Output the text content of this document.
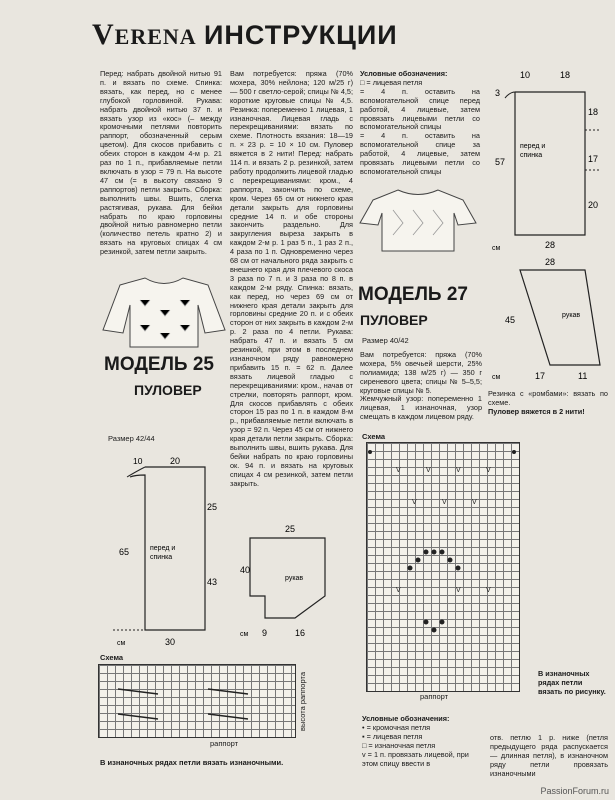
VERENA ИНСТРУКЦИИ
Перед: набрать двойной нитью 91 п. и вязать по схеме. Спинка: вязать, как перед, но с менее глубокой горловиной. Рукава: набрать двойной нитью 37 п. и вязать узор из «кос» (– между кромочными петлями повторить раппорт, обозначенный серым цветом). Для скосов прибавить с обеих сторон в каждом 4-м р. 21 раз по 1 п., прибавляемые петли включать в узор = 79 п. На высоте 47 см (= в высоту связано 9 раппортов) петли закрыть. Сборка: выполнить швы. Вшить, слегка растягивая, рукава. Для бейки набрать по краю горловины двойной нитью равномерно петли (количество петель кратно 2) и вязать на круговых спицах 4 см резинкой, затем петли закрыть.
Вам потребуется: пряжа (70% мохера, 30% нейлона; 120 м/25 г) — 500 г светло-серой; спицы № 4,5; короткие круговые спицы № 4,5. Резинка: попеременно 1 лицевая, 1 изнаночная. Лицевая гладь с перекрещиваниями: вязать по схеме. Плотность вязания: 18—19 п. × 23 р. = 10 × 10 см. Пуловер вяжется в 2 нити! Перед: набрать 114 п. и вязать 2 р. резинкой, затем работу продолжить лицевой гладью с перекрещиваниями: кром., 4 раппорта, закончить по схеме, кром. Через 65 см от нижнего края детали закрыть для горловины средние 14 п. и обе стороны закончить раздельно. Для закругления выреза закрыть в каждом 2-м р. 1 раз 5 п., 1 раз 2 п., 4 раза по 1 п. Одновременно через 68 см от начального ряда закрыть с внешнего края для плечевого скоса 3 раза по 7 п. и 3 раза по 8 п. в каждом 2-м ряду. Спинка: вязать, как перед, но через 69 см от нижнего края детали закрыть для горловины средние 20 п. и с обеих сторон от них закрыть в каждом 2-м р. 2 раза по 4 петли. Рукава: набрать 47 п. и вязать 5 см резинкой, при этом в последнем изнаночном ряду равномерно прибавить 15 п. = 62 п. Далее вязать лицевой гладью с перекрещиваниями: кром., начав от стрелки, повторять раппорт, кром. Для скосов прибавлять с обеих сторон 15 раз по 1 п. в каждом 8-м р., прибавляемые петли включать в узор = 92 п. Через 45 см от нижнего края детали петли закрыть. Сборка: выполнить швы, вшить рукава. Для бейки набрать по краю горловины ок. 94 п. и вязать на круговых спицах 4 см резинкой, затем петли закрыть.
Условные обозначения:
□ = лицевая петля
= 4 п. оставить на вспомогательной спице перед работой, 4 лицевые, затем провязать лицевыми петли со вспомогательной спицы
= 4 п. оставить на вспомогательной спице за работой, 4 лицевые, затем провязать лицевыми петли со вспомогательной спицы
МОДЕЛЬ 25
ПУЛОВЕР
Размер 42/44
10	20
25
65
43
перед и
спинка
см	30
25
40
рукав
см 9	16
Схема
раппорт
высота раппорта
В изнаночных рядах петли вязать изнаночными.
МОДЕЛЬ 27
ПУЛОВЕР
Размер 40/42
Вам потребуется: пряжа (70% мохера, 5% овечьей шерсти, 25% полиамида; 138 м/25 г) — 350 г сиреневого цвета; спицы № 5–5,5; круговые спицы № 5.
Жемчужный узор: попеременно 1 лицевая, 1 изнаночная, узор смещать в каждом лицевом ряду.
10	18
3
18
57	17
20
перед и
спинка
см	28
28
45	рукав
см	17	11
Резинка с «ромбами»: вязать по схеме.
Пуловер вяжется в 2 нити!
Схема
V	V	V	V
V	V	V
V	V	V
раппорт
В изнаночных рядах петли вязать по рисунку.
Условные обозначения:
• = кромочная петля
▪ = лицевая петля
□ = изнаночная петля
v = 1 п. провязать лицевой, при этом спицу ввести в
отв. петлю 1 р. ниже (петля предыдущего ряда распускается — длинная петля), в изнаночном ряду петли провязать изнаночными
PassionForum.ru
